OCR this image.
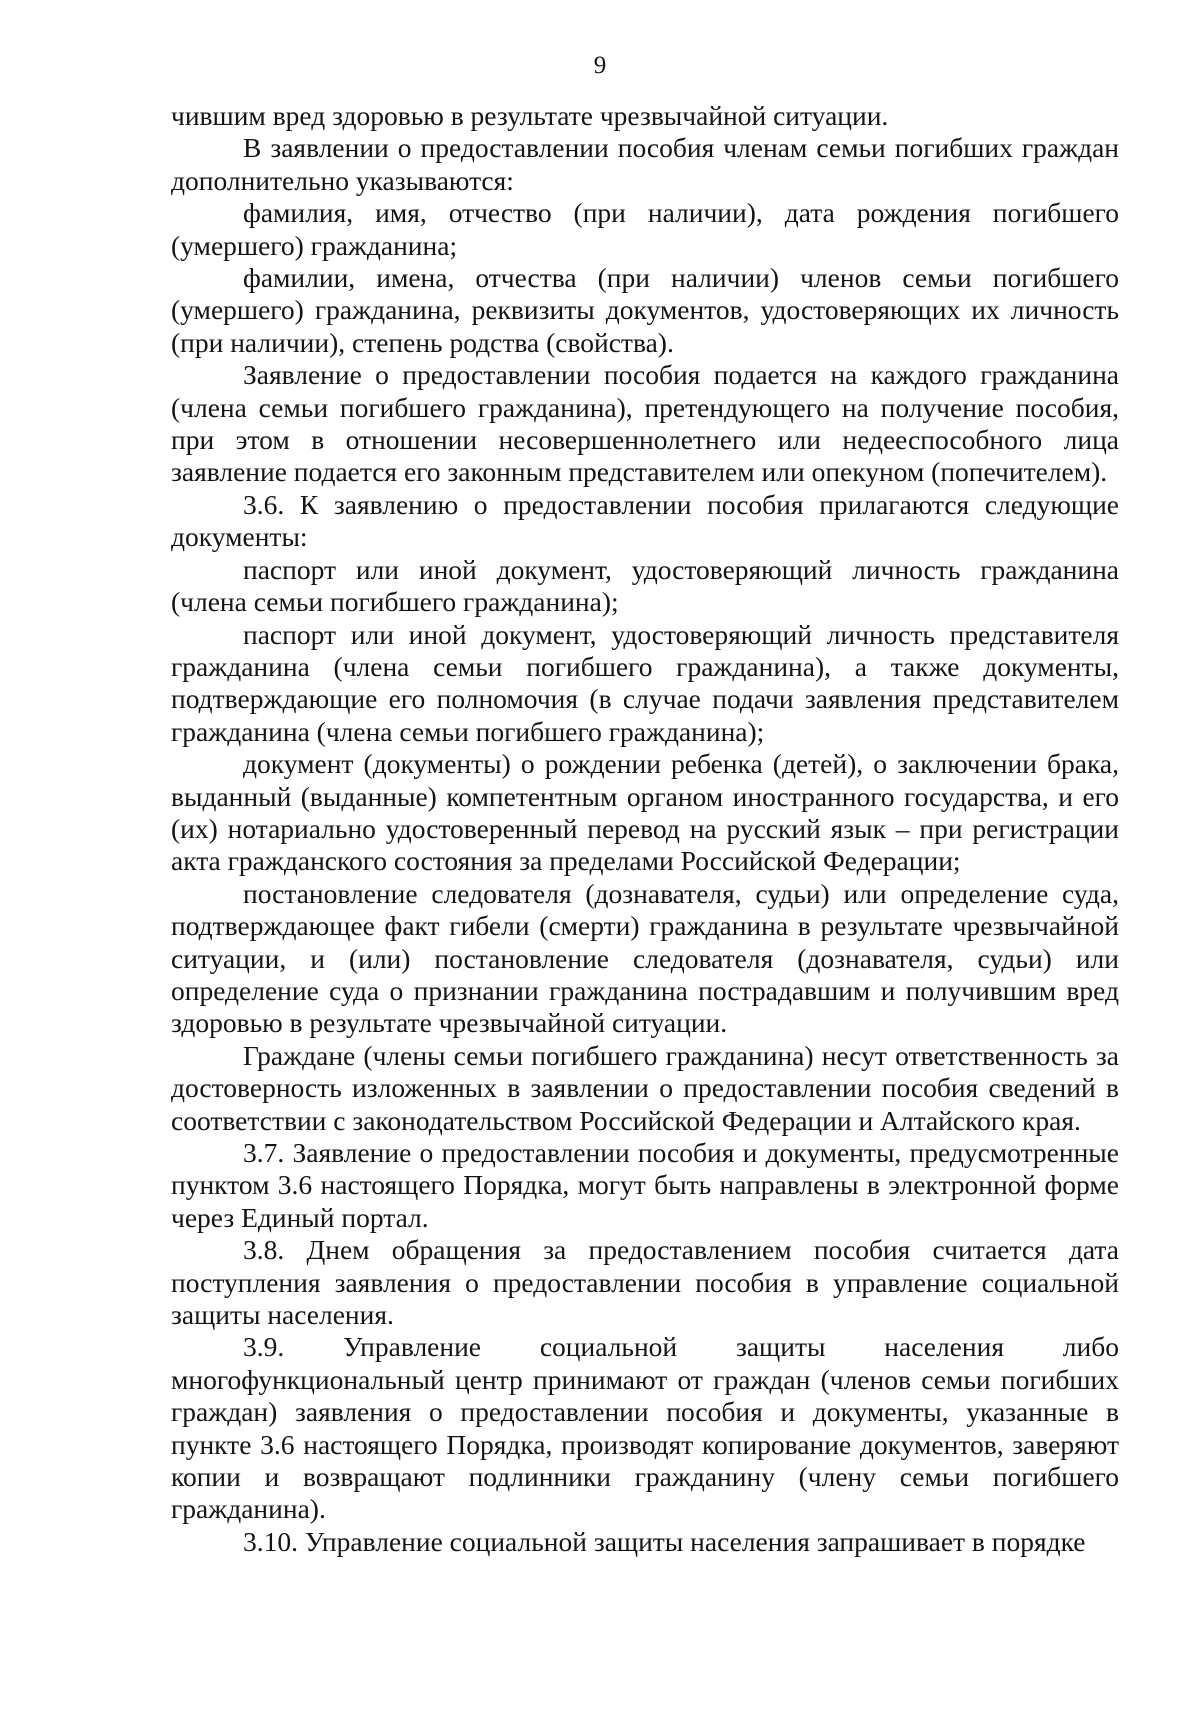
9

чившим вред здоровью в результате чрезвычайной ситуации.

В заявлении о предоставлении пособия членам семьи погибших граждан дополнительно указываются:

фамилия, имя, отчество (при наличии), дата рождения погибшего (умершего) гражданина;

фамилии, имена, отчества (при наличии) членов семьи погибшего (умершего) гражданина, реквизиты документов, удостоверяющих их личность (при наличии), степень родства (свойства).

Заявление о предоставлении пособия подается на каждого гражданина (члена семьи погибшего гражданина), претендующего на получение пособия, при этом в отношении несовершеннолетнего или недееспособного лица заявление подается его законным представителем или опекуном (попечителем).

3.6. К заявлению о предоставлении пособия прилагаются следующие документы:

паспорт или иной документ, удостоверяющий личность гражданина (члена семьи погибшего гражданина);

паспорт или иной документ, удостоверяющий личность представителя гражданина (члена семьи погибшего гражданина), а также документы, подтверждающие его полномочия (в случае подачи заявления представителем гражданина (члена семьи погибшего гражданина);

документ (документы) о рождении ребенка (детей), о заключении брака, выданный (выданные) компетентным органом иностранного государства, и его (их) нотариально удостоверенный перевод на русский язык – при регистрации акта гражданского состояния за пределами Российской Федерации;

постановление следователя (дознавателя, судьи) или определение суда, подтверждающее факт гибели (смерти) гражданина в результате чрезвычайной ситуации, и (или) постановление следователя (дознавателя, судьи) или определение суда о признании гражданина пострадавшим и получившим вред здоровью в результате чрезвычайной ситуации.

Граждане (члены семьи погибшего гражданина) несут ответственность за достоверность изложенных в заявлении о предоставлении пособия сведений в соответствии с законодательством Российской Федерации и Алтайского края.

3.7. Заявление о предоставлении пособия и документы, предусмотренные пунктом 3.6 настоящего Порядка, могут быть направлены в электронной форме через Единый портал.

3.8. Днем обращения за предоставлением пособия считается дата поступления заявления о предоставлении пособия в управление социальной защиты населения.

3.9. Управление социальной защиты населения либо многофункциональный центр принимают от граждан (членов семьи погибших граждан) заявления о предоставлении пособия и документы, указанные в пункте 3.6 настоящего Порядка, производят копирование документов, заверяют копии и возвращают подлинники гражданину (члену семьи погибшего гражданина).

3.10. Управление социальной защиты населения запрашивает в порядке
